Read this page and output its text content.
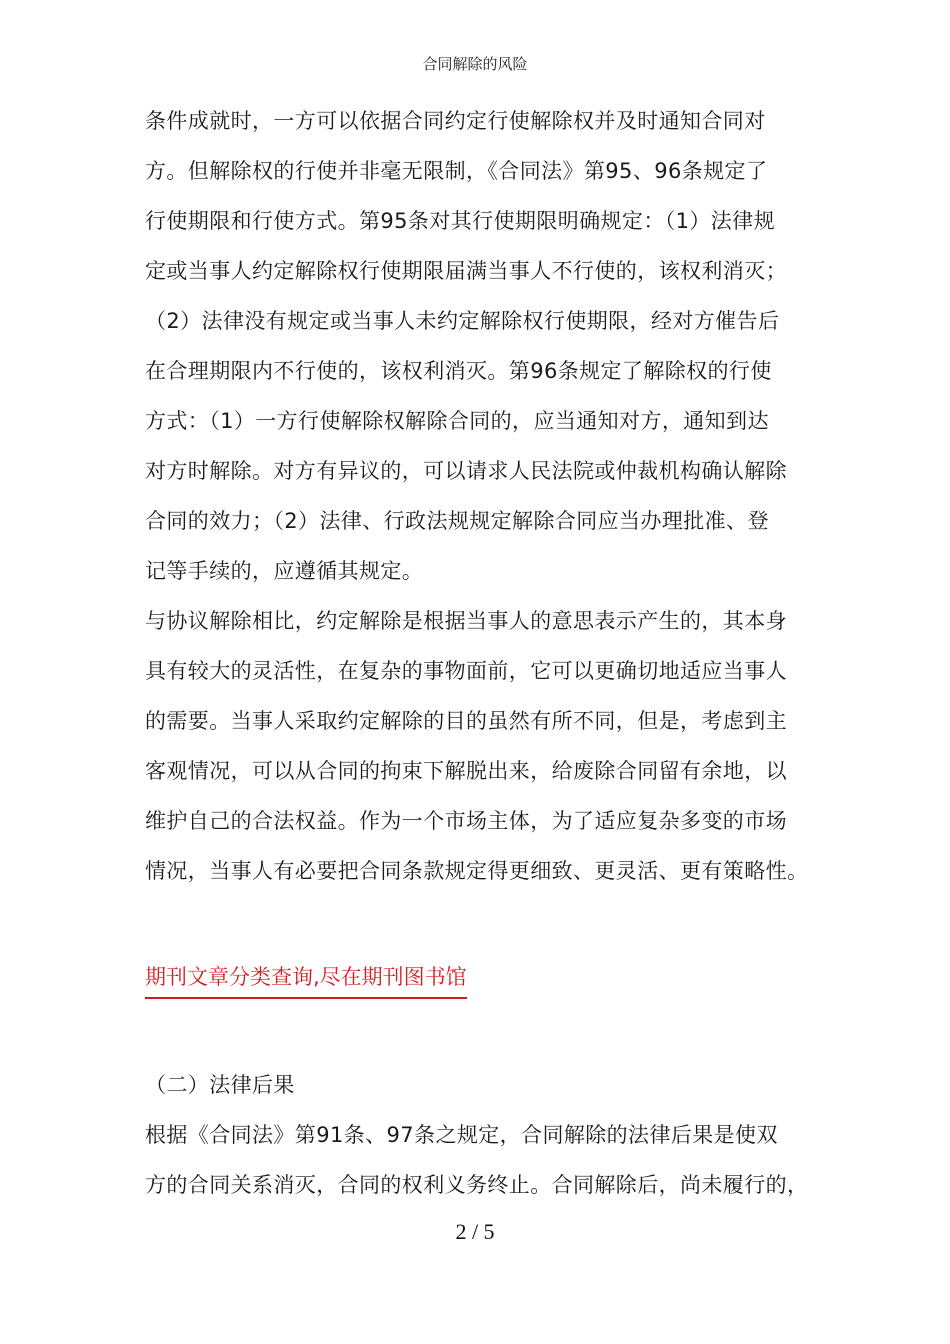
合同解除的风险
条件成就时，一方可以依据合同约定行使解除权并及时通知合同对
方。但解除权的行使并非毫无限制，《合同法》第95、96条规定了
行使期限和行使方式。第95条对其行使期限明确规定：（1）法律规
定或当事人约定解除权行使期限届满当事人不行使的，该权利消灭；
（2）法律没有规定或当事人未约定解除权行使期限，经对方催告后
在合理期限内不行使的，该权利消灭。第96条规定了解除权的行使
方式：（1）一方行使解除权解除合同的，应当通知对方，通知到达
对方时解除。对方有异议的，可以请求人民法院或仲裁机构确认解除
合同的效力；（2）法律、行政法规规定解除合同应当办理批准、登
记等手续的，应遵循其规定。
与协议解除相比，约定解除是根据当事人的意思表示产生的，其本身
具有较大的灵活性，在复杂的事物面前，它可以更确切地适应当事人
的需要。当事人采取约定解除的目的虽然有所不同，但是，考虑到主
客观情况，可以从合同的拘束下解脱出来，给废除合同留有余地，以
维护自己的合法权益。作为一个市场主体，为了适应复杂多变的市场
情况，当事人有必要把合同条款规定得更细致、更灵活、更有策略性。
期刊文章分类查询,尽在期刊图书馆
（二）法律后果
根据《合同法》第91条、97条之规定，合同解除的法律后果是使双
方的合同关系消灭，合同的权利义务终止。合同解除后，尚未履行的，
2 / 5
